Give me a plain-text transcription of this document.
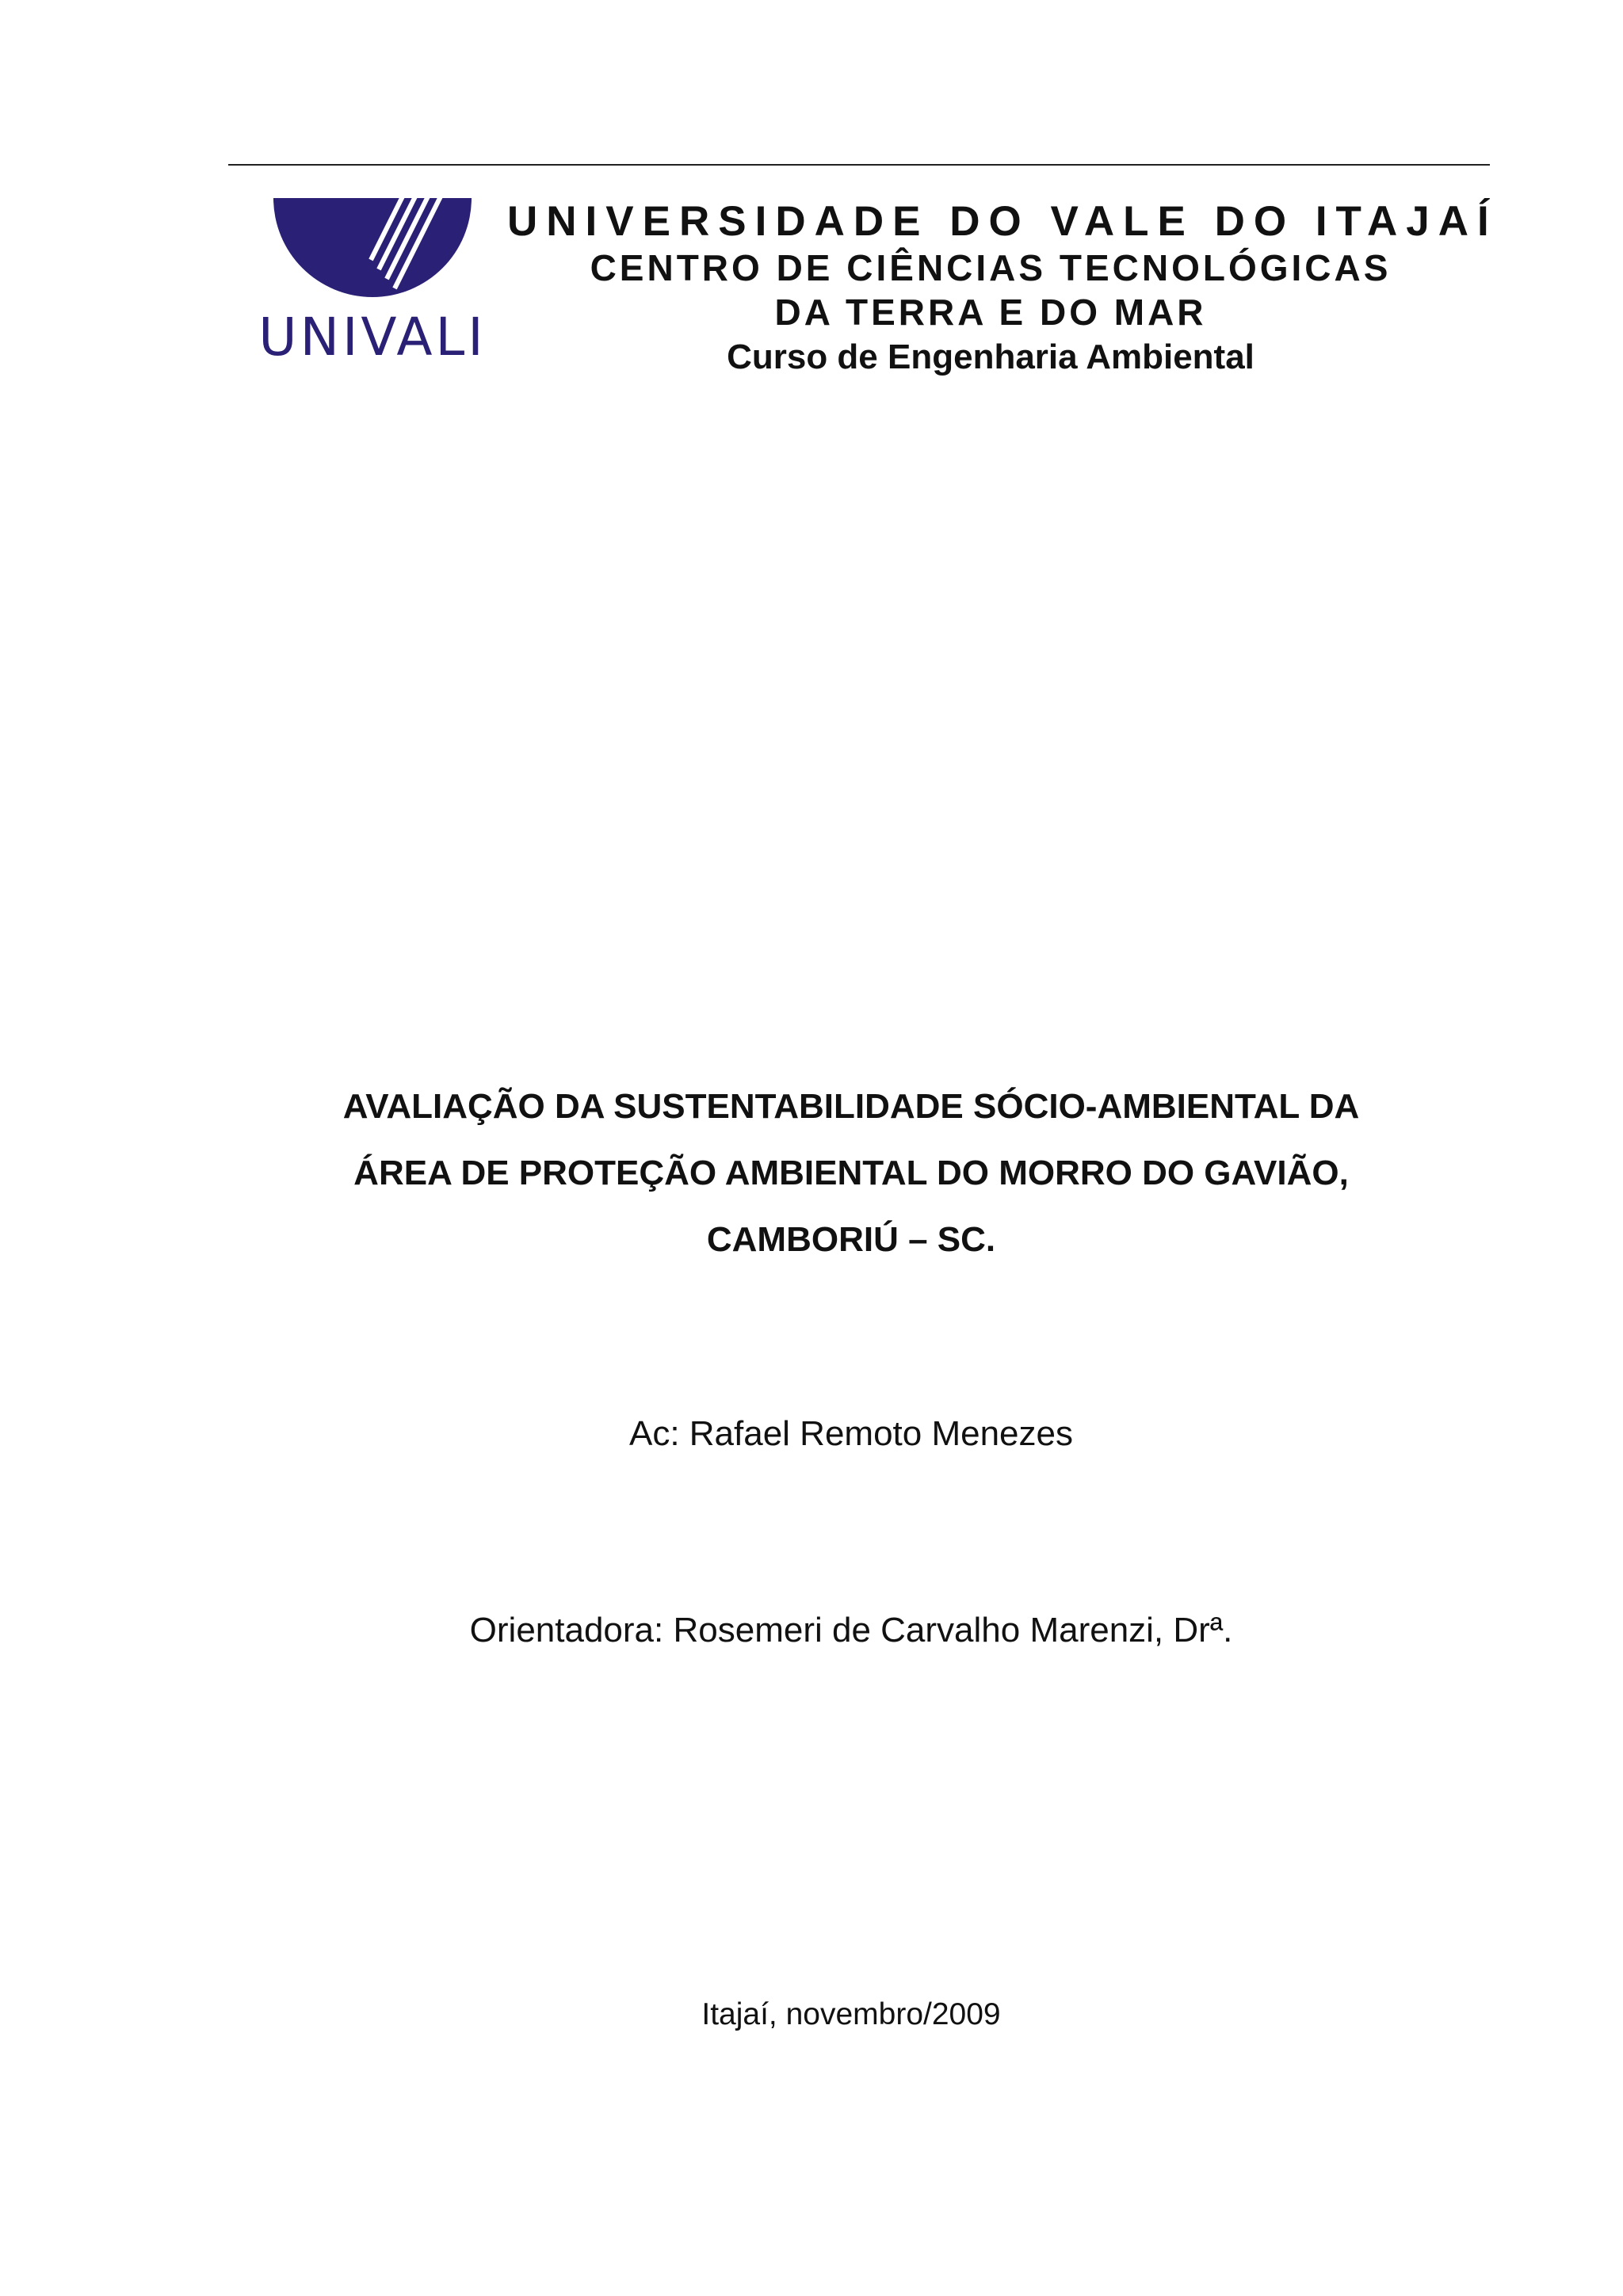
UNIVALI
UNIVERSIDADE DO VALE DO ITAJAÍ
CENTRO DE CIÊNCIAS TECNOLÓGICAS
DA TERRA E DO MAR
Curso de Engenharia Ambiental
AVALIAÇÃO DA SUSTENTABILIDADE SÓCIO-AMBIENTAL DA
ÁREA DE PROTEÇÃO AMBIENTAL DO MORRO DO GAVIÃO,
CAMBORIÚ – SC.
Ac: Rafael Remoto Menezes
Orientadora: Rosemeri de Carvalho Marenzi, Drª.
Itajaí, novembro/2009
